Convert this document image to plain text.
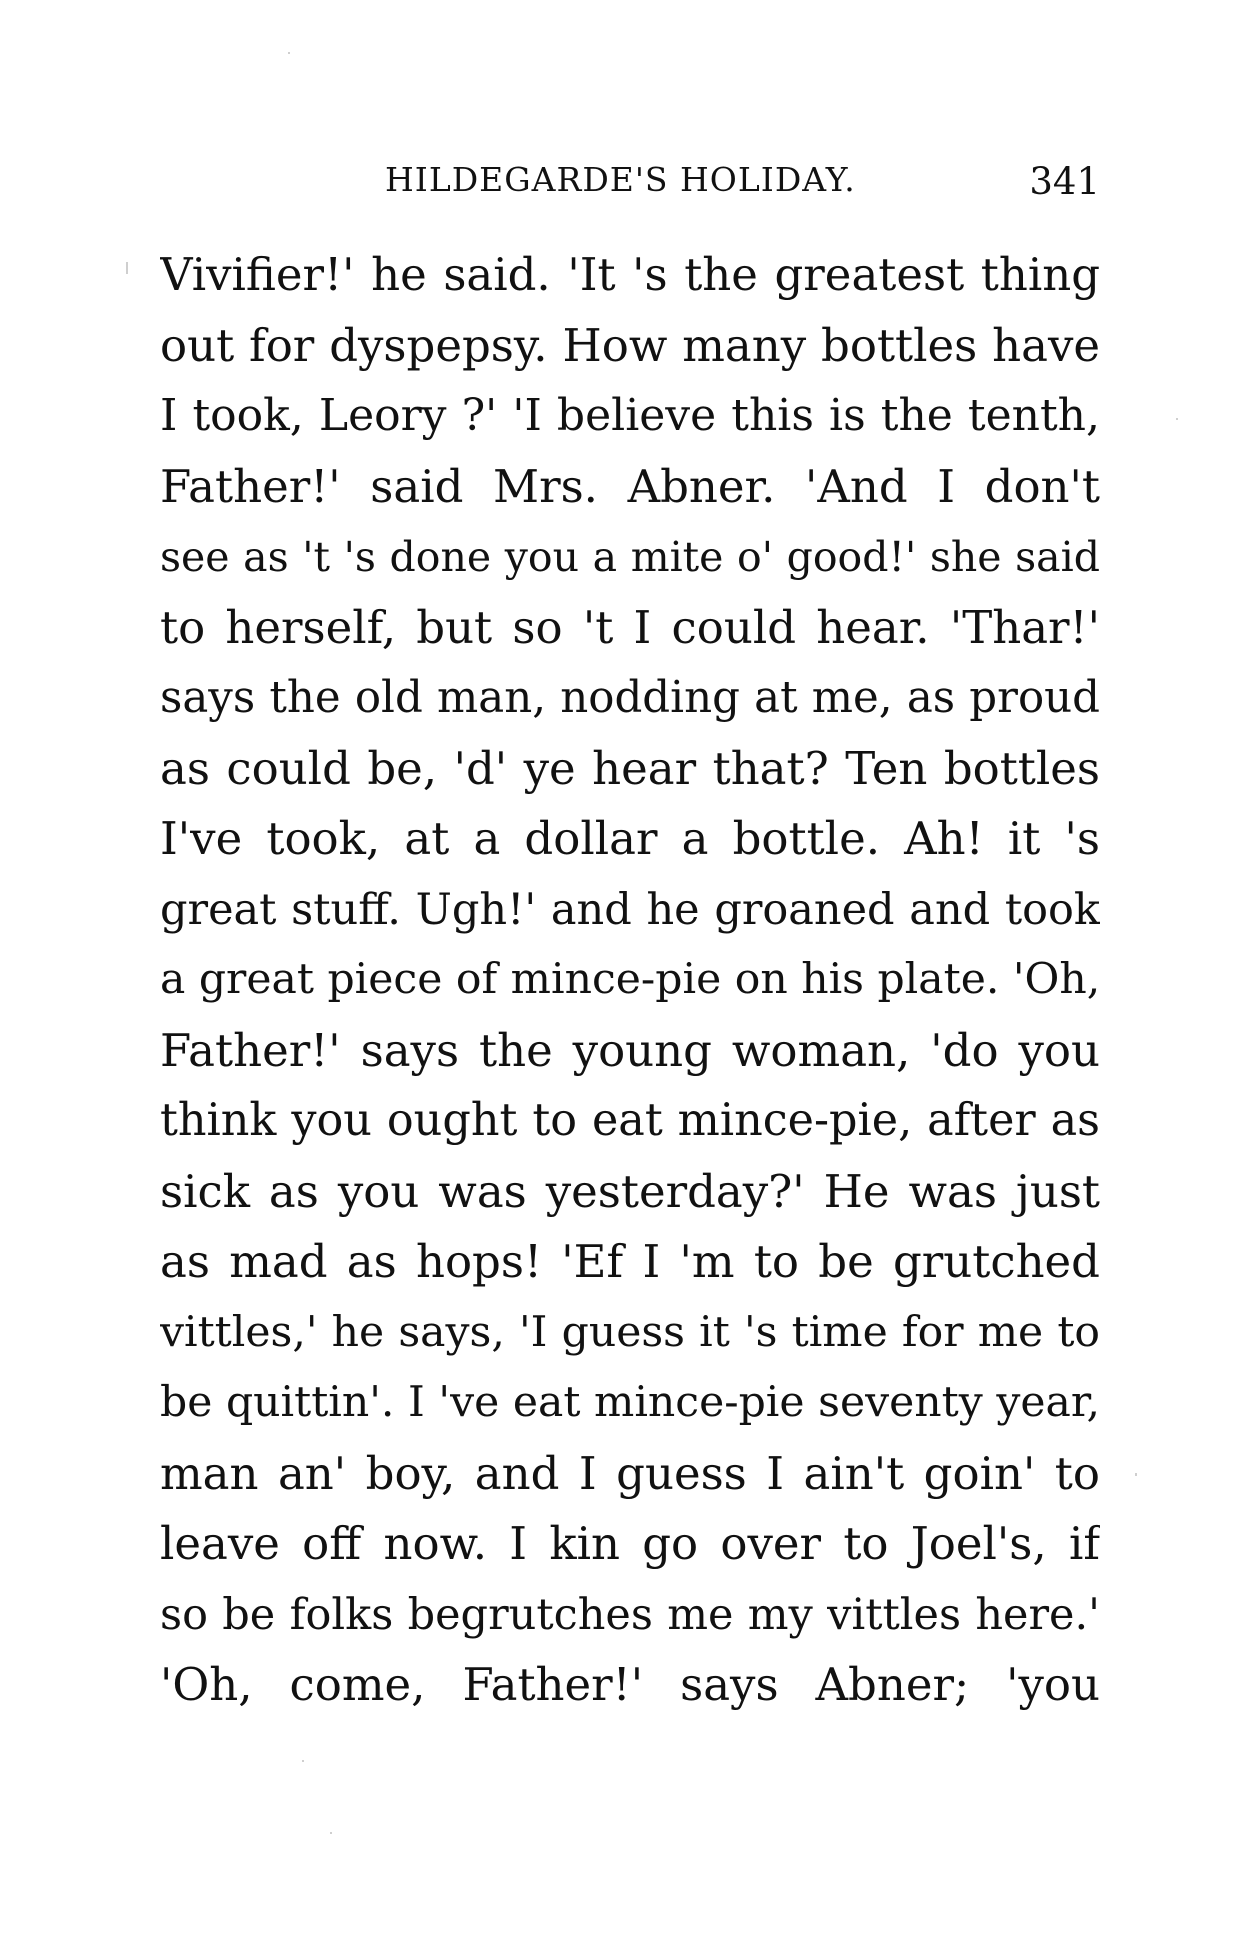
HILDEGARDE'S HOLIDAY.	341
Vivifier!' he said. 'It 's the greatest thing
out for dyspepsy. How many bottles have
I took, Leory ?' 'I believe this is the tenth,
Father!' said Mrs. Abner. 'And I don't
see as 't 's done you a mite o' good!' she said
to herself, but so 't I could hear. 'Thar!'
says the old man, nodding at me, as proud
as could be, 'd' ye hear that? Ten bottles
I've took, at a dollar a bottle. Ah! it 's
great stuff. Ugh!' and he groaned and took
a great piece of mince-pie on his plate. 'Oh,
Father!' says the young woman, 'do you
think you ought to eat mince-pie, after as
sick as you was yesterday?' He was just
as mad as hops! 'Ef I 'm to be grutched
vittles,' he says, 'I guess it 's time for me to
be quittin'. I 've eat mince-pie seventy year,
man an' boy, and I guess I ain't goin' to
leave off now. I kin go over to Joel's, if
so be folks begrutches me my vittles here.'
'Oh, come, Father!' says Abner; 'you
